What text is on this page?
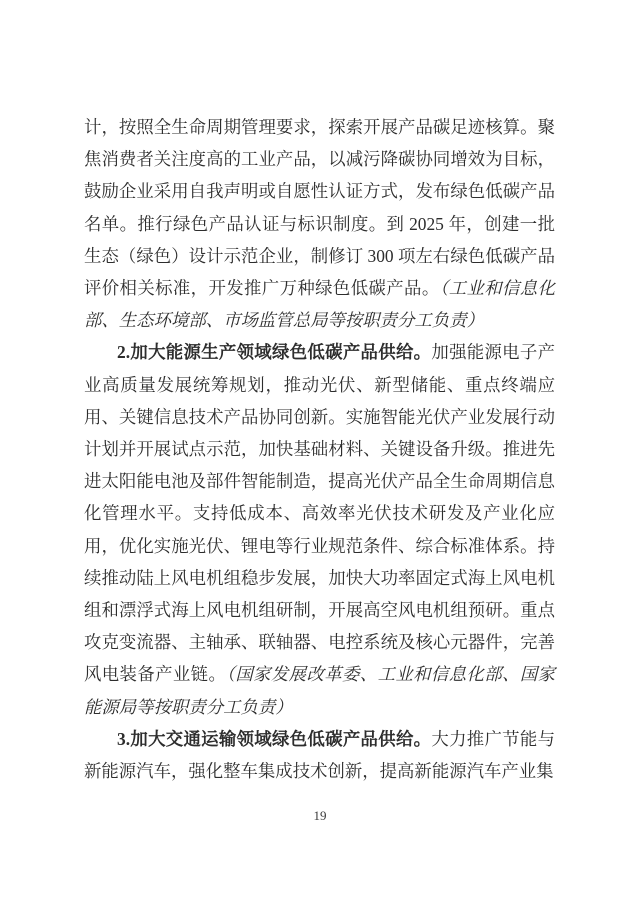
计，按照全生命周期管理要求，探索开展产品碳足迹核算。聚焦消费者关注度高的工业产品，以减污降碳协同增效为目标，鼓励企业采用自我声明或自愿性认证方式，发布绿色低碳产品名单。推行绿色产品认证与标识制度。到 2025 年，创建一批生态（绿色）设计示范企业，制修订 300 项左右绿色低碳产品评价相关标准，开发推广万种绿色低碳产品。（工业和信息化部、生态环境部、市场监管总局等按职责分工负责）

2.加大能源生产领域绿色低碳产品供给。加强能源电子产业高质量发展统筹规划，推动光伏、新型储能、重点终端应用、关键信息技术产品协同创新。实施智能光伏产业发展行动计划并开展试点示范，加快基础材料、关键设备升级。推进先进太阳能电池及部件智能制造，提高光伏产品全生命周期信息化管理水平。支持低成本、高效率光伏技术研发及产业化应用，优化实施光伏、锂电等行业规范条件、综合标准体系。持续推动陆上风电机组稳步发展，加快大功率固定式海上风电机组和漂浮式海上风电机组研制，开展高空风电机组预研。重点攻克变流器、主轴承、联轴器、电控系统及核心元器件，完善风电装备产业链。（国家发展改革委、工业和信息化部、国家能源局等按职责分工负责）

3.加大交通运输领域绿色低碳产品供给。大力推广节能与新能源汽车，强化整车集成技术创新，提高新能源汽车产业集

19
